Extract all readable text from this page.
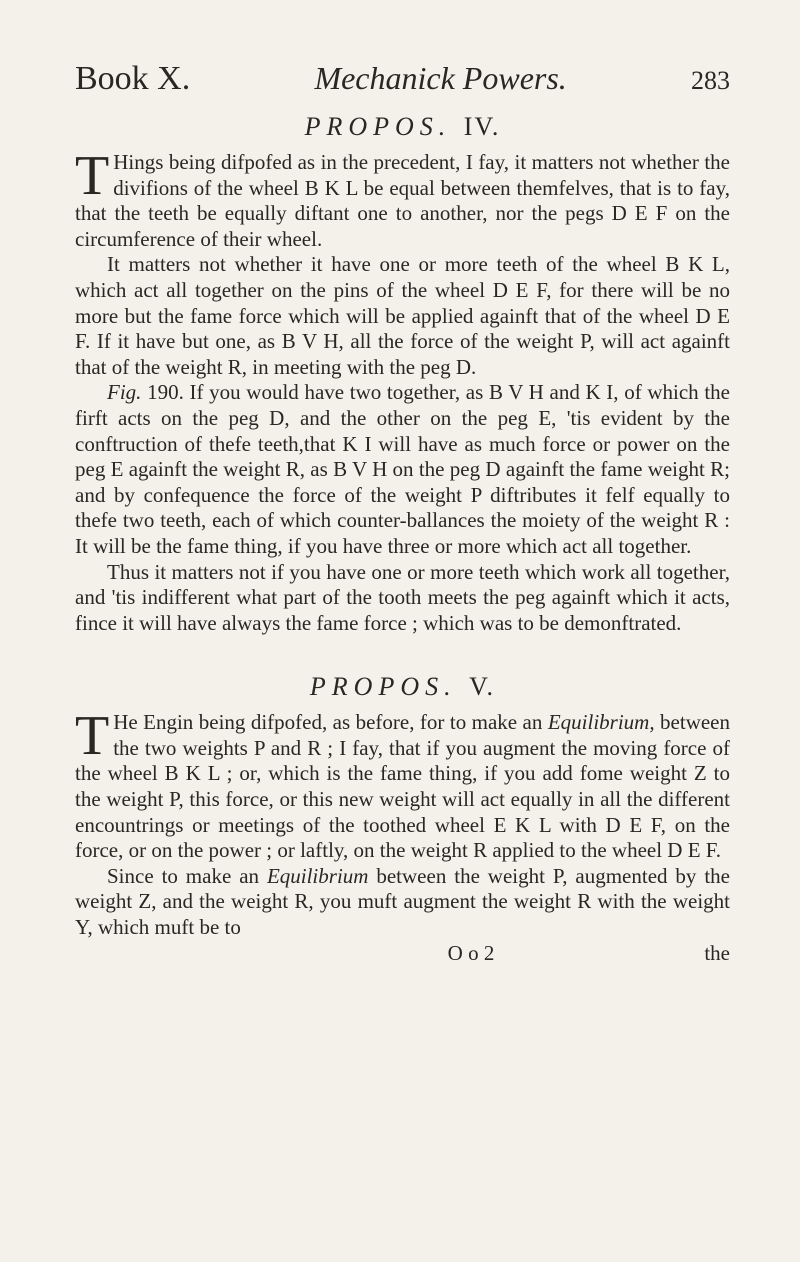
Book X.	Mechanick Powers.	283
PROPOS. IV.

T Hings being difpofed as in the precedent, I fay, it matters not whether the divifions of the wheel B K L be equal between themfelves, that is to fay, that the teeth be equally diftant one to another, nor the pegs D E F on the circumference of their wheel.

It matters not whether it have one or more teeth of the wheel B K L, which act all together on the pins of the wheel D E F, for there will be no more but the fame force which will be applied againft that of the wheel D E F. If it have but one, as B V H, all the force of the weight P, will act againft that of the weight R, in meeting with the peg D.

Fig. 190. If you would have two together, as B V H and K I, of which the firft acts on the peg D, and the other on the peg E, 'tis evident by the conftruction of thefe teeth,that K I will have as much force or power on the peg E againft the weight R, as B V H on the peg D againft the fame weight R; and by confequence the force of the weight P diftributes it felf equally to thefe two teeth, each of which counter-ballances the moiety of the weight R : It will be the fame thing, if you have three or more which act all together.

Thus it matters not if you have one or more teeth which work all together, and 'tis indifferent what part of the tooth meets the peg againft which it acts, fince it will have always the fame force ; which was to be demonftrated.

PROPOS. V.

T He Engin being difpofed, as before, for to make an Equilibrium, between the two weights P and R ; I fay, that if you augment the moving force of the wheel B K L ; or, which is the fame thing, if you add fome weight Z to the weight P, this force, or this new weight will act equally in all the different encountrings or meetings of the toothed wheel E K L with D E F, on the force, or on the power ; or laftly, on the weight R applied to the wheel D E F.

Since to make an Equilibrium between the weight P, augmented by the weight Z, and the weight R, you muft augment the weight R with the weight Y, which muft be to

O o 2	the
